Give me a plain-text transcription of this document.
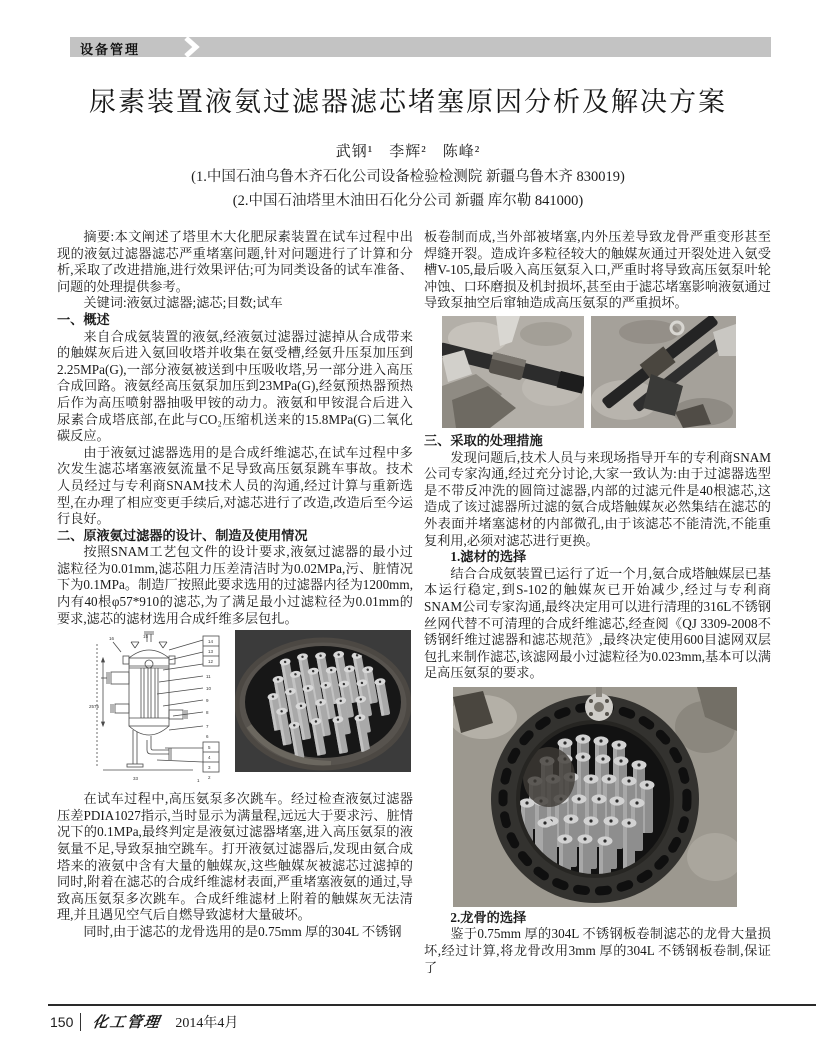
设备管理
尿素装置液氨过滤器滤芯堵塞原因分析及解决方案
武钢¹　李辉²　陈峰²
(1.中国石油乌鲁木齐石化公司设备检验检测院 新疆乌鲁木齐 830019)
(2.中国石油塔里木油田石化分公司 新疆 库尔勒 841000)

摘要:本文阐述了塔里木大化肥尿素装置在试车过程中出现的液氨过滤器滤芯严重堵塞问题,针对问题进行了计算和分析,采取了改进措施,进行效果评估;可为同类设备的试车准备、问题的处理提供参考。

关键词:液氨过滤器;滤芯;目数;试车

一、概述

来自合成氨装置的液氨,经液氨过滤器过滤掉从合成带来的触媒灰后进入氨回收塔并收集在氨受槽,经氨升压泵加压到2.25MPa(G),一部分液氨被送到中压吸收塔,另一部分进入高压合成回路。液氨经高压氨泵加压到23MPa(G),经氨预热器预热后作为高压喷射器抽吸甲铵的动力。液氨和甲铵混合后进入尿素合成塔底部,在此与CO₂压缩机送来的15.8MPa(G)二氧化碳反应。

由于液氨过滤器选用的是合成纤维滤芯,在试车过程中多次发生滤芯堵塞液氨流量不足导致高压氨泵跳车事故。技术人员经过与专利商SNAM技术人员的沟通,经过计算与重新选型,在办理了相应变更手续后,对滤芯进行了改造,改造后至今运行良好。

二、原液氨过滤器的设计、制造及使用情况

按照SNAM工艺包文件的设计要求,液氨过滤器的最小过滤粒径为0.01mm,滤芯阻力压差清洁时为0.02MPa,污、脏情况下为0.1MPa。制造厂按照此要求选用的过滤器内径为1200mm,内有40根φ57*910的滤芯,为了满足最小过滤粒径为0.01mm的要求,滤芯的滤材选用合成纤维多层包扎。

14
13
12
11
10
9
8
7
6
5
4
3
2
1
16	15
2575
33

在试车过程中,高压氨泵多次跳车。经过检查液氨过滤器压差PDIA1027指示,当时显示为满量程,远远大于要求污、脏情况下的0.1MPa,最终判定是液氨过滤器堵塞,进入高压氨泵的液氨量不足,导致泵抽空跳车。打开液氨过滤器后,发现由氨合成塔来的液氨中含有大量的触媒灰,这些触媒灰被滤芯过滤掉的同时,附着在滤芯的合成纤维滤材表面,严重堵塞液氨的通过,导致高压氨泵多次跳车。合成纤维滤材上附着的触媒灰无法清理,并且遇见空气后自燃导致滤材大量破坏。

同时,由于滤芯的龙骨选用的是0.75mm 厚的304L 不锈钢

板卷制而成,当外部被堵塞,内外压差导致龙骨严重变形甚至焊缝开裂。造成许多粒径较大的触媒灰通过开裂处进入氨受槽V-105,最后吸入高压氨泵入口,严重时将导致高压氨泵叶轮冲蚀、口环磨损及机封损坏,甚至由于滤芯堵塞影响液氨通过导致泵抽空后窜轴造成高压氨泵的严重损坏。

三、采取的处理措施

发现问题后,技术人员与来现场指导开车的专利商SNAM公司专家沟通,经过充分讨论,大家一致认为:由于过滤器选型是不带反冲洗的圆筒过滤器,内部的过滤元件是40根滤芯,这造成了该过滤器所过滤的氨合成塔触媒灰必然集结在滤芯的外表面并堵塞滤材的内部微孔,由于该滤芯不能清洗,不能重复利用,必须对滤芯进行更换。

1.滤材的选择

结合合成氨装置已运行了近一个月,氨合成塔触媒层已基本运行稳定,到S-102的触媒灰已开始减少,经过与专利商SNAM公司专家沟通,最终决定用可以进行清理的316L不锈钢丝网代替不可清理的合成纤维滤芯,经查阅《QJ 3309-2008不锈钢纤维过滤器和滤芯规范》,最终决定使用600目滤网双层包扎来制作滤芯,该滤网最小过滤粒径为0.023mm,基本可以满足高压氨泵的要求。

2.龙骨的选择

鉴于0.75mm 厚的304L 不锈钢板卷制滤芯的龙骨大量损坏,经过计算,将龙骨改用3mm 厚的304L 不锈钢板卷制,保证了

150	化工管理 2014年4月
